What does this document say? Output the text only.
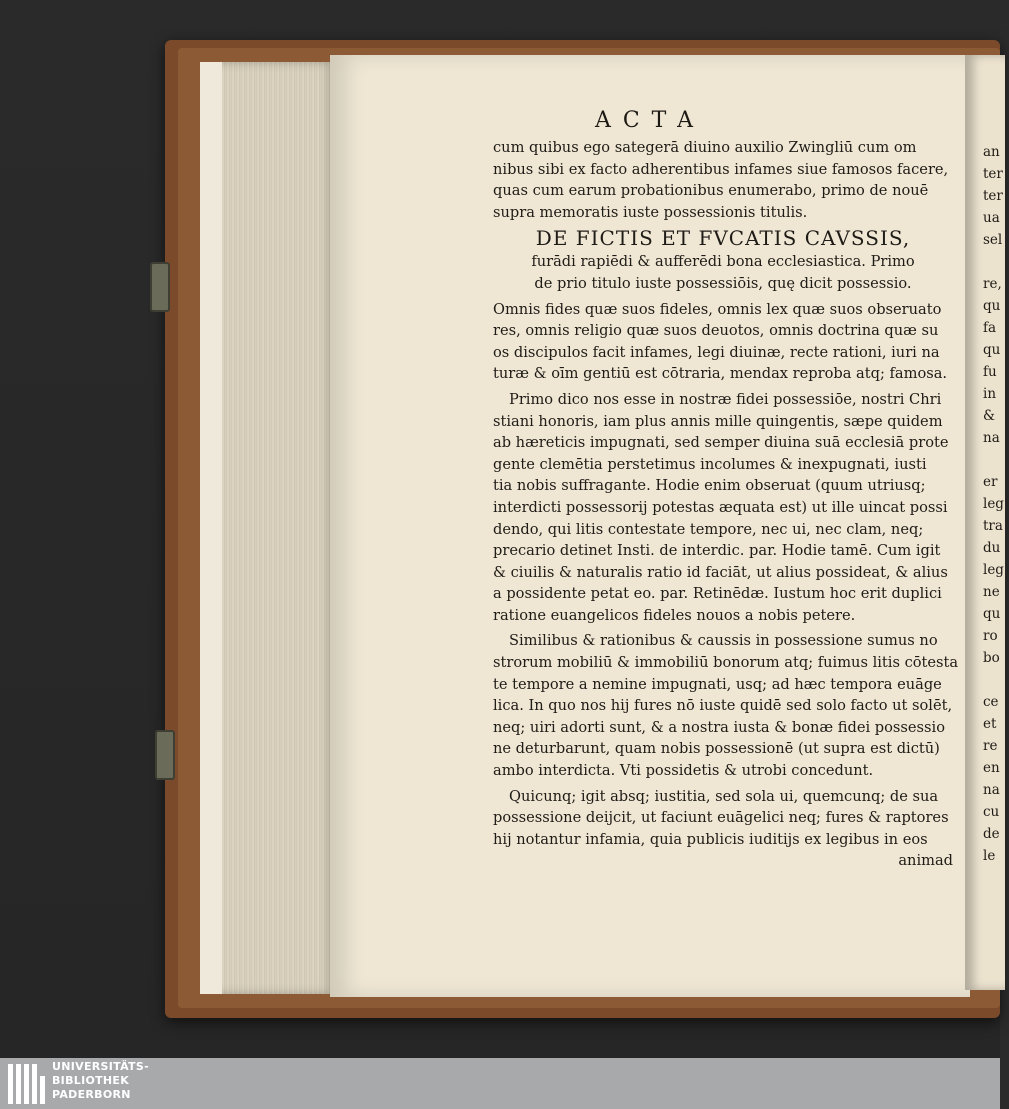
ACTA
cum quibus ego sategerā diuino auxilio Zwingliū cum om
nibus sibi ex facto adherentibus infames siue famosos facere,
quas cum earum probationibus enumerabo, primo de nouē
supra memoratis iuste possessionis titulis.
DE FICTIS ET FVCATIS CAVSSIS,
furādi rapiēdi & aufferēdi bona ecclesiastica. Primo
de prio titulo iuste possessiōis, quę dicit possessio.
Omnis fides quæ suos fideles, omnis lex quæ suos obseruato
res, omnis religio quæ suos deuotos, omnis doctrina quæ su
os discipulos facit infames, legi diuinæ, recte rationi, iuri na
turæ & oīm gentiū est cōtraria, mendax reproba atq; famosa.
Primo dico nos esse in nostræ fidei possessiōe, nostri Chri
stiani honoris, iam plus annis mille quingentis, sæpe quidem
ab hæreticis impugnati, sed semper diuina suā ecclesiā prote
gente clemētia perstetimus incolumes & inexpugnati, iusti
tia nobis suffragante. Hodie enim obseruat (quum utriusq;
interdicti possessorij potestas æquata est) ut ille uincat possi
dendo, qui litis contestate tempore, nec ui, nec clam, neq;
precario detinet Insti. de interdic. par. Hodie tamē. Cum igit
& ciuilis & naturalis ratio id faciāt, ut alius possideat, & alius
a possidente petat eo. par. Retinēdæ. Iustum hoc erit duplici
ratione euangelicos fideles nouos a nobis petere.
Similibus & rationibus & caussis in possessione sumus no
strorum mobiliū & immobiliū bonorum atq; fuimus litis cōtesta
te tempore a nemine impugnati, usq; ad hæc tempora euāge
lica. In quo nos hij fures nō iuste quidē sed solo facto ut solēt,
neq; uiri adorti sunt, & a nostra iusta & bonæ fidei possessio
ne deturbarunt, quam nobis possessionē (ut supra est dictū)
ambo interdicta. Vti possidetis & utrobi concedunt.
Quicunq; igit absq; iustitia, sed sola ui, quemcunq; de sua
possessione deijcit, ut faciunt euāgelici neq; fures & raptores
hij notantur infamia, quia publicis iuditijs ex legibus in eos
animad
an
ter
ter
ua
sel
re,
qu
fa
qu
fu
in
&
na
er
leg
tra
du
leg
ne
qu
ro
bo
ce
et
re
en
na
cu
de
le
UNIVERSITÄTS-
BIBLIOTHEK
PADERBORN
